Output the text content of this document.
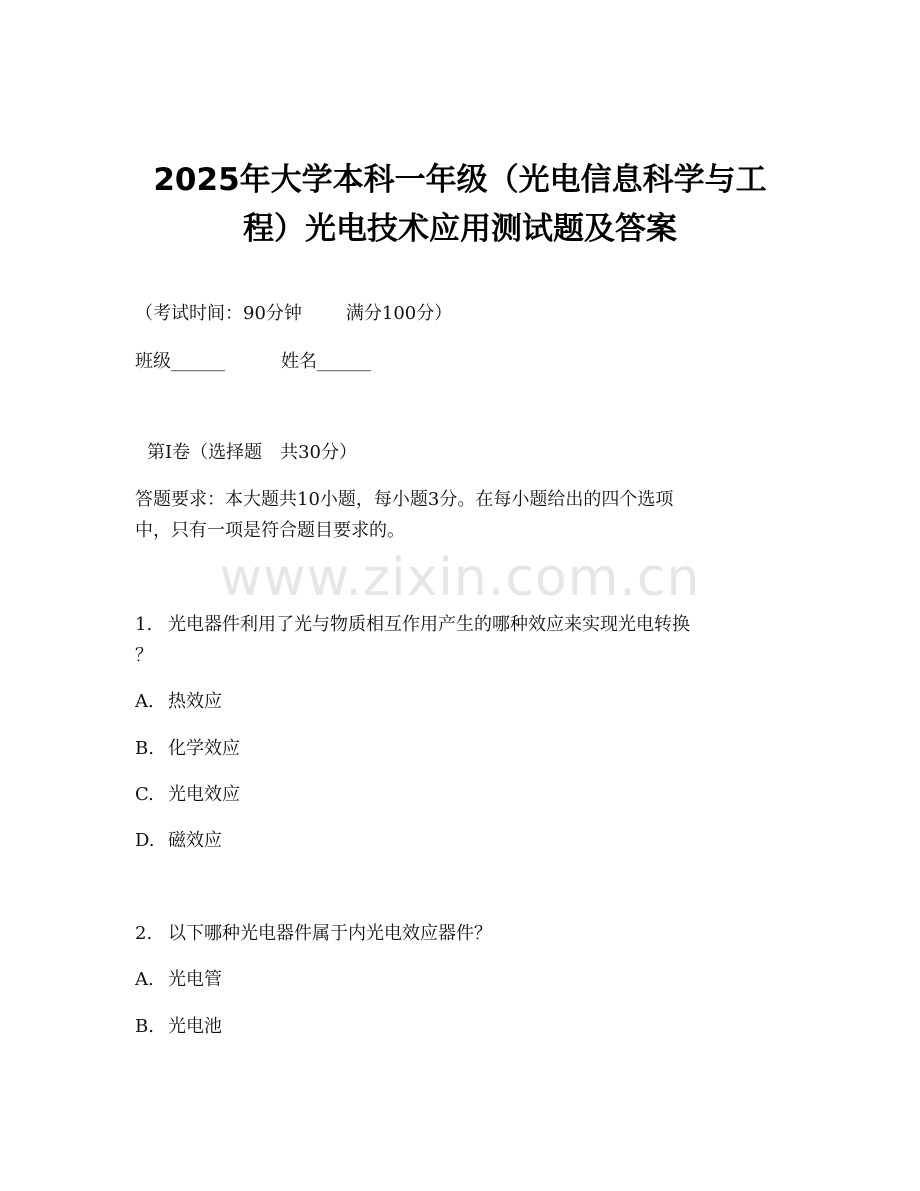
2025年大学本科一年级（光电信息科学与工
程）光电技术应用测试题及答案

（考试时间：90分钟 满分100分）

班级______	姓名______

第I卷（选择题　共30分）

答题要求：本大题共10小题，每小题3分。在每小题给出的四个选项

中，只有一项是符合题目要求的。

www.zixin.com.cn

1. 光电器件利用了光与物质相互作用产生的哪种效应来实现光电转换

？

A. 热效应

B. 化学效应

C. 光电效应

D. 磁效应

2. 以下哪种光电器件属于内光电效应器件？

A. 光电管

B. 光电池
